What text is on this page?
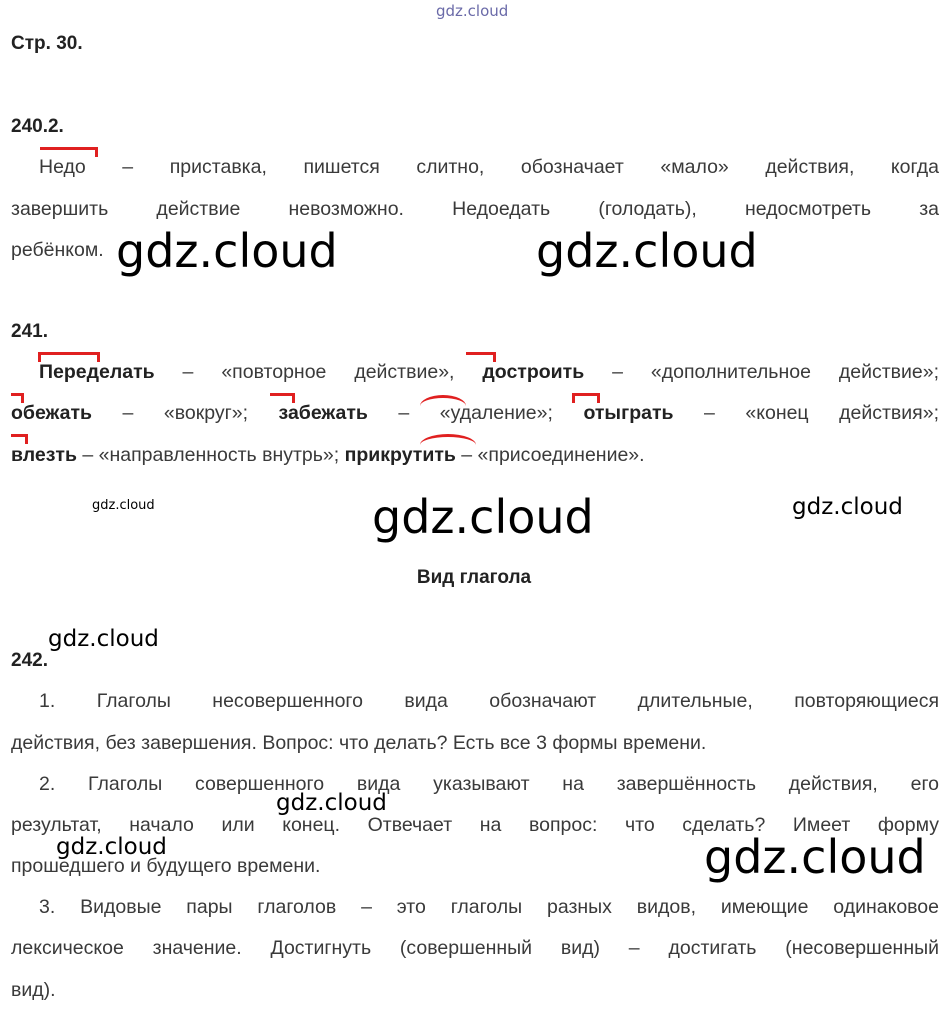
gdz.cloud
Стр. 30.
240.2.
Недо – приставка, пишется слитно, обозначает «мало» действия, когда
завершить действие невозможно. Недоедать (голодать), недосмотреть за
ребёнком. gdz.cloud	gdz.cloud
241.
Переделать – «повторное действие», достроить – «дополнительное действие»;
обежать – «вокруг»; забежать – «удаление»; отыграть – «конец действия»;
влезть – «направленность внутрь»; прикрутить – «присоединение».
gdz.cloud	gdz.cloud	gdz.cloud
Вид глагола
gdz.cloud
242.
1. Глаголы несовершенного вида обозначают длительные, повторяющиеся
действия, без завершения. Вопрос: что делать? Есть все 3 формы времени.
2. Глаголы совершенного вида указывают на завершённость действия, его
результат, начало или конец. Отвечает на вопрос: что сделать? Имеет форму
прошедшего и будущего времени.
gdz.cloud
gdz.cloud	gdz.cloud
3. Видовые пары глаголов – это глаголы разных видов, имеющие одинаковое
лексическое значение. Достигнуть (совершенный вид) – достигать (несовершенный
вид).
